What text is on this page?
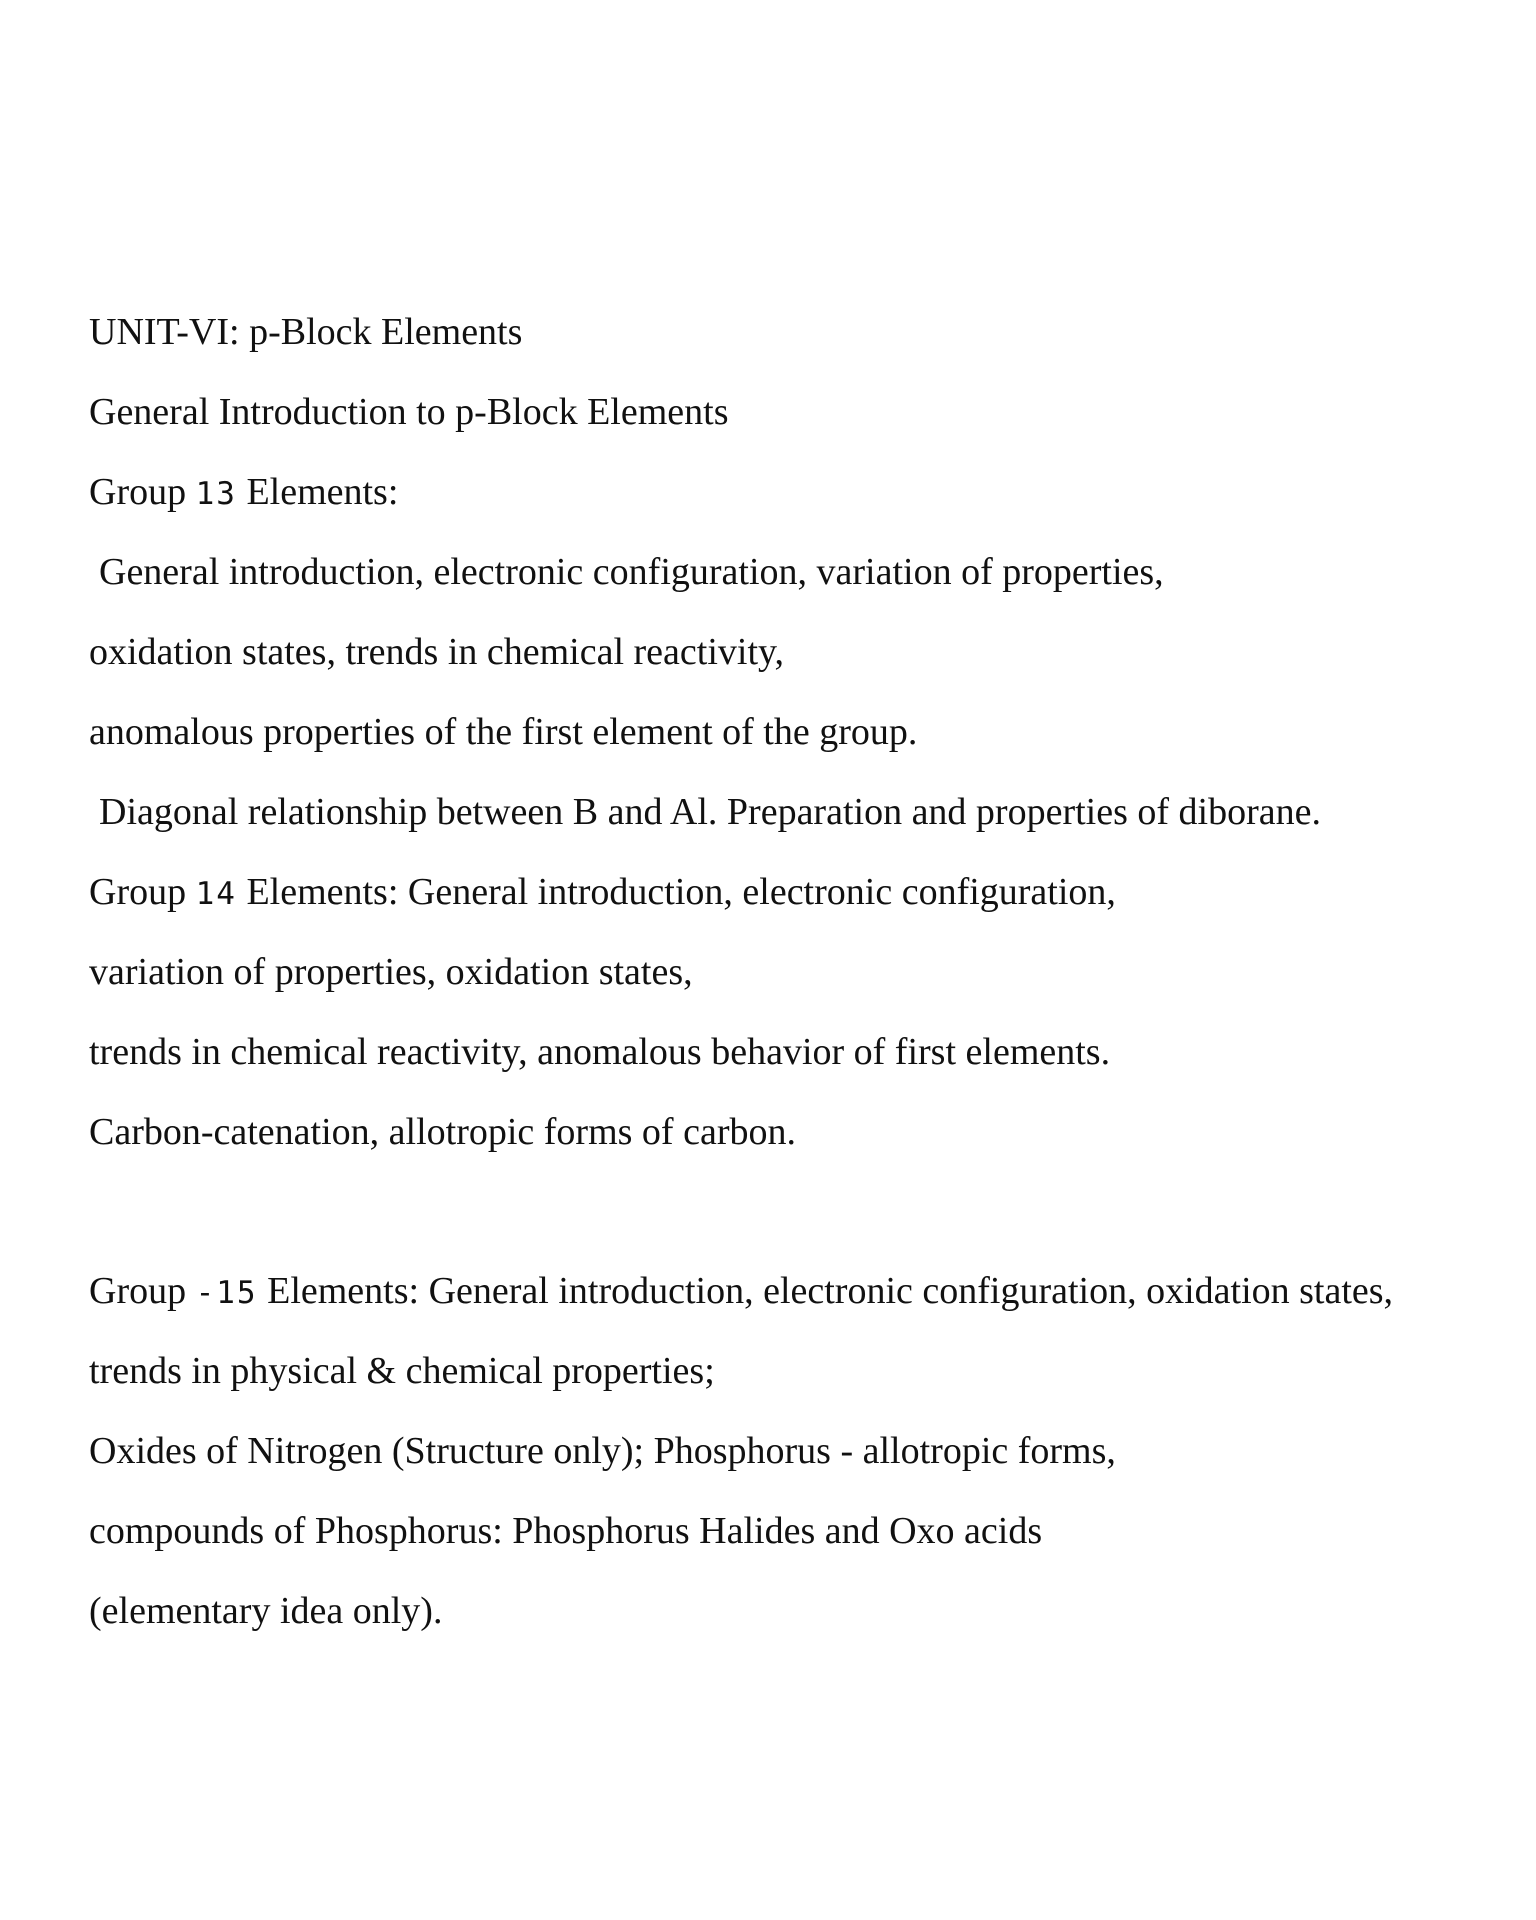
UNIT-VI: p-Block Elements
General Introduction to p-Block Elements
Group 13 Elements:
General introduction, electronic configuration, variation of properties,
oxidation states, trends in chemical reactivity,
anomalous properties of the first element of the group.
Diagonal relationship between B and Al. Preparation and properties of diborane.
Group 14 Elements: General introduction, electronic configuration,
variation of properties, oxidation states,
trends in chemical reactivity, anomalous behavior of first elements.
Carbon-catenation, allotropic forms of carbon.
Group -15 Elements: General introduction, electronic configuration, oxidation states,
trends in physical & chemical properties;
Oxides of Nitrogen (Structure only); Phosphorus - allotropic forms,
compounds of Phosphorus: Phosphorus Halides and Oxo acids
(elementary idea only).
